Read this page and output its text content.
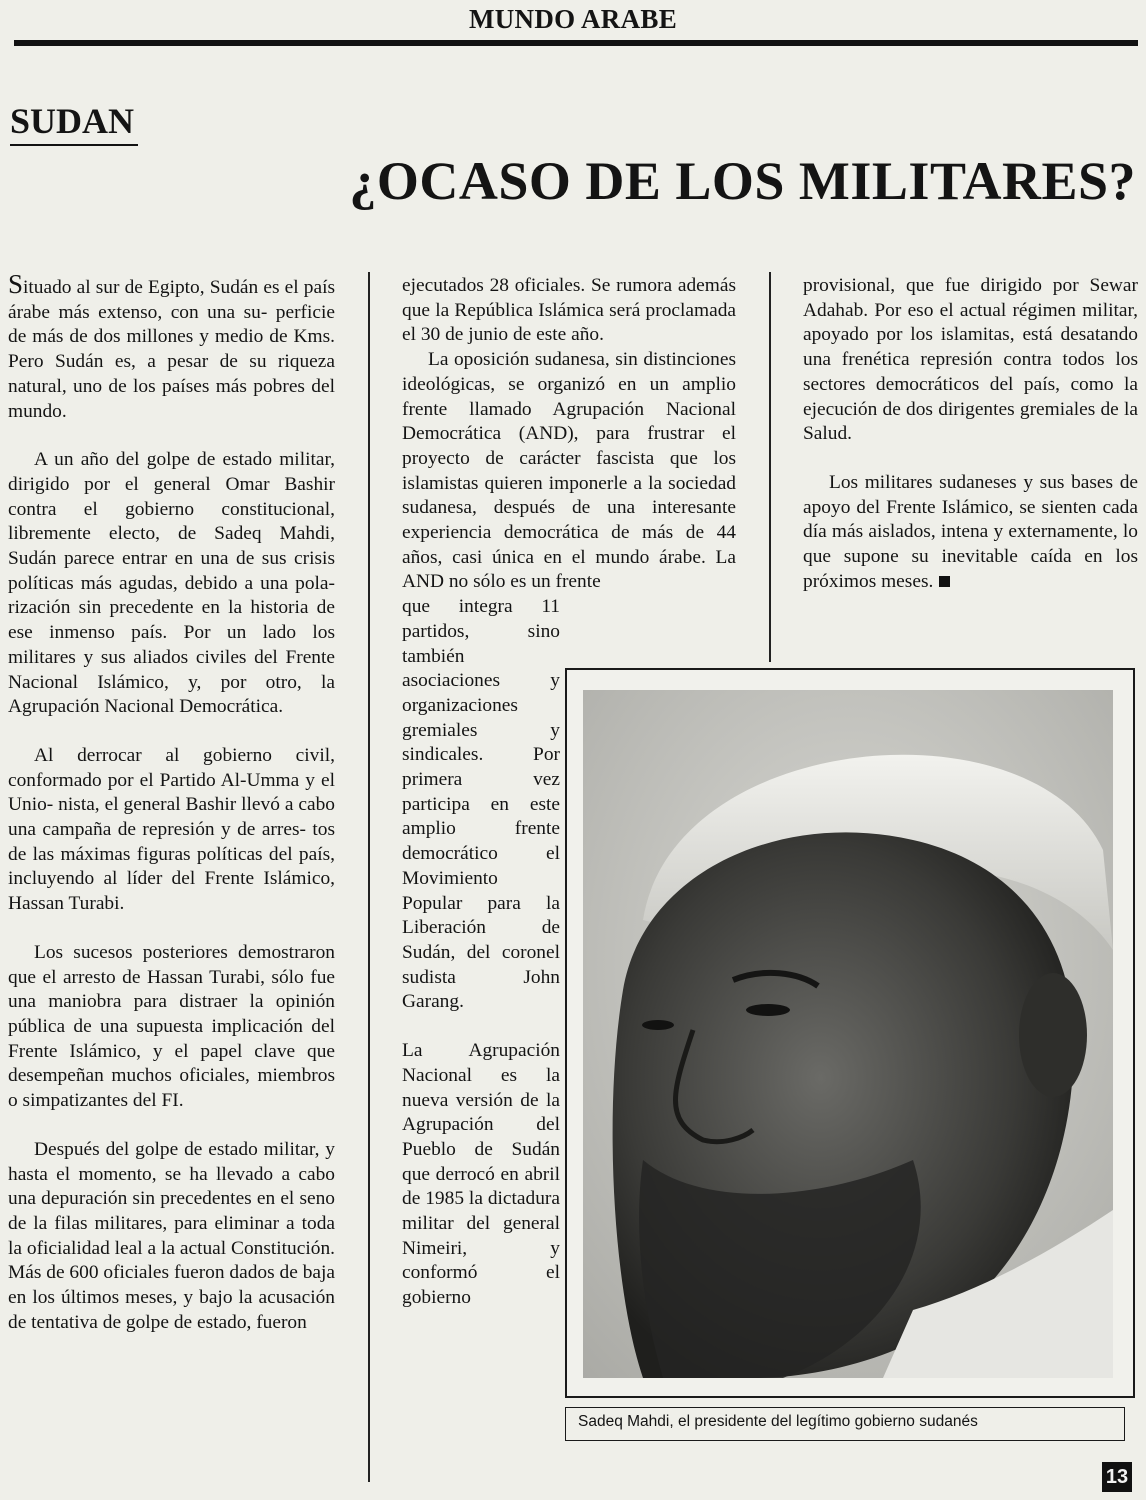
MUNDO ARABE
SUDAN
¿OCASO DE LOS MILITARES?

Situado al sur de Egipto, Sudán es el país árabe más extenso, con una su- perficie de más de dos millones y medio de Kms. Pero Sudán es, a pesar de su riqueza natural, uno de los países más pobres del mundo.

A un año del golpe de estado militar, dirigido por el general Omar Bashir contra el gobierno constitucional, libremente electo, de Sadeq Mahdi, Sudán parece entrar en una de sus crisis políticas más agudas, debido a una pola- rización sin precedente en la historia de ese inmenso país. Por un lado los militares y sus aliados civiles del Frente Nacional Islámico, y, por otro, la Agrupación Nacional Democrática.

Al derrocar al gobierno civil, conformado por el Partido Al-Umma y el Unio- nista, el general Bashir llevó a cabo una campaña de represión y de arres- tos de las máximas figuras políticas del país, incluyendo al líder del Frente Islámico, Hassan Turabi.

Los sucesos posteriores demostraron que el arresto de Hassan Turabi, sólo fue una maniobra para distraer la opinión pública de una supuesta implicación del Frente Islámico, y el papel clave que desempeñan muchos oficiales, miembros o simpatizantes del FI.

Después del golpe de estado militar, y hasta el momento, se ha llevado a cabo una depuración sin precedentes en el seno de la filas militares, para eliminar a toda la oficialidad leal a la actual Constitución. Más de 600 oficiales fueron dados de baja en los últimos meses, y bajo la acusación de tentativa de golpe de estado, fueron

ejecutados 28 oficiales. Se rumora además que la República Islámica será proclamada el 30 de junio de este año.

La oposición sudanesa, sin distinciones ideológicas, se organizó en un amplio frente llamado Agrupación Nacional Democrática (AND), para frustrar el proyecto de carácter fascista que los islamistas quieren imponerle a la sociedad sudanesa, después de una interesante experiencia democrática de más de 44 años, casi única en el mundo árabe. La AND no sólo es un frente

que integra 11 partidos, sino también asociaciones y organizaciones gremiales y sindicales. Por primera vez participa en este amplio frente democrático el Movimiento Popular para la Liberación de Sudán, del coronel sudista John Garang.

La Agrupación Nacional es la nueva versión de la Agrupación del Pueblo de Sudán que derrocó en abril de 1985 la dictadura militar del general Nimeiri, y conformó el gobierno

provisional, que fue dirigido por Sewar Adahab. Por eso el actual régimen militar, apoyado por los islamitas, está desatando una frenética represión contra todos los sectores democráticos del país, como la ejecución de dos dirigentes gremiales de la Salud.

Los militares sudaneses y sus bases de apoyo del Frente Islámico, se sienten cada día más aislados, intena y externamente, lo que supone su inevitable caída en los próximos meses.

Sadeq Mahdi, el presidente del legítimo gobierno sudanés
13
